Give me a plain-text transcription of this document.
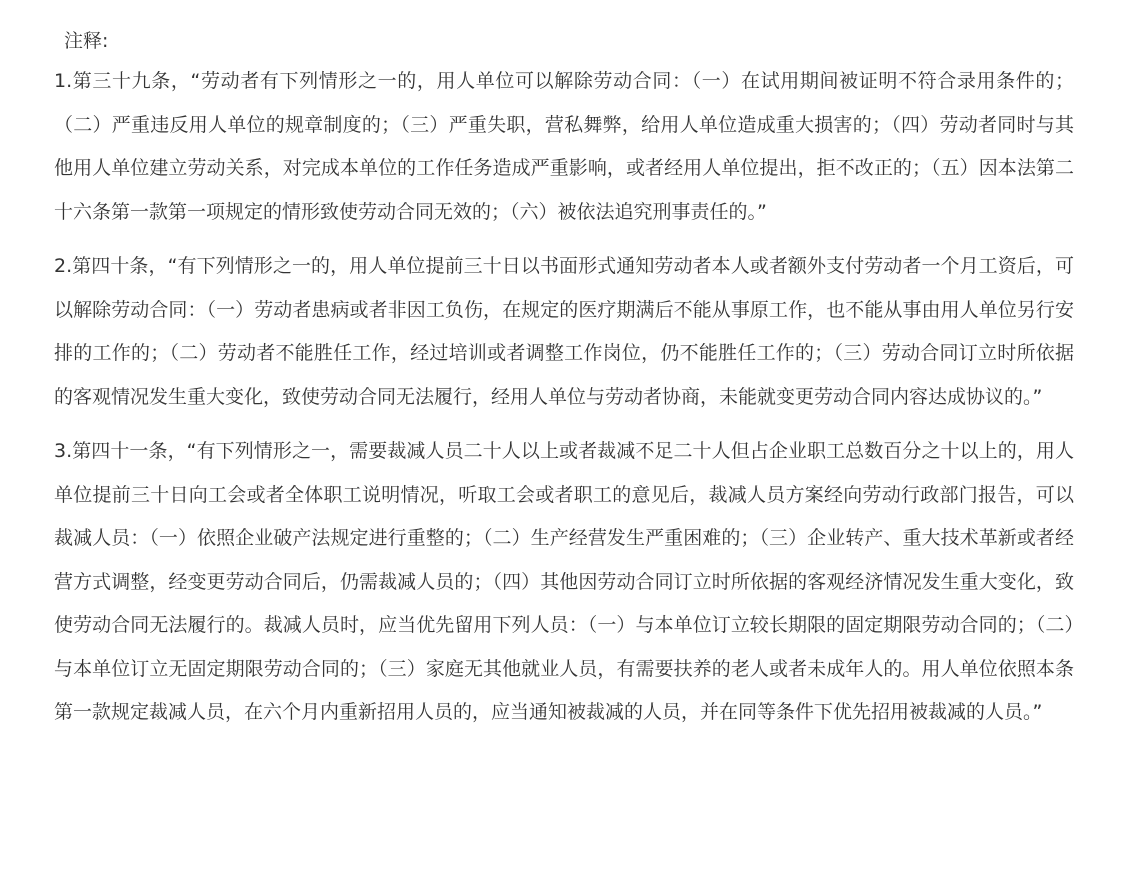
注释:

1.第三十九条，“劳动者有下列情形之一的，用人单位可以解除劳动合同：（一）在试用期间被证明不符合录用条件的；（二）严重违反用人单位的规章制度的；（三）严重失职，营私舞弊，给用人单位造成重大损害的；（四）劳动者同时与其他用人单位建立劳动关系，对完成本单位的工作任务造成严重影响，或者经用人单位提出，拒不改正的；（五）因本法第二十六条第一款第一项规定的情形致使劳动合同无效的；（六）被依法追究刑事责任的。”

2.第四十条，“有下列情形之一的，用人单位提前三十日以书面形式通知劳动者本人或者额外支付劳动者一个月工资后，可以解除劳动合同：（一）劳动者患病或者非因工负伤，在规定的医疗期满后不能从事原工作，也不能从事由用人单位另行安排的工作的；（二）劳动者不能胜任工作，经过培训或者调整工作岗位，仍不能胜任工作的；（三）劳动合同订立时所依据的客观情况发生重大变化，致使劳动合同无法履行，经用人单位与劳动者协商，未能就变更劳动合同内容达成协议的。”

3.第四十一条，“有下列情形之一，需要裁减人员二十人以上或者裁减不足二十人但占企业职工总数百分之十以上的，用人单位提前三十日向工会或者全体职工说明情况，听取工会或者职工的意见后，裁减人员方案经向劳动行政部门报告，可以裁减人员：（一）依照企业破产法规定进行重整的；（二）生产经营发生严重困难的；（三）企业转产、重大技术革新或者经营方式调整，经变更劳动合同后，仍需裁减人员的；（四）其他因劳动合同订立时所依据的客观经济情况发生重大变化，致使劳动合同无法履行的。裁减人员时，应当优先留用下列人员：（一）与本单位订立较长期限的固定期限劳动合同的；（二）与本单位订立无固定期限劳动合同的；（三）家庭无其他就业人员，有需要扶养的老人或者未成年人的。用人单位依照本条第一款规定裁减人员，在六个月内重新招用人员的，应当通知被裁减的人员，并在同等条件下优先招用被裁减的人员。”
